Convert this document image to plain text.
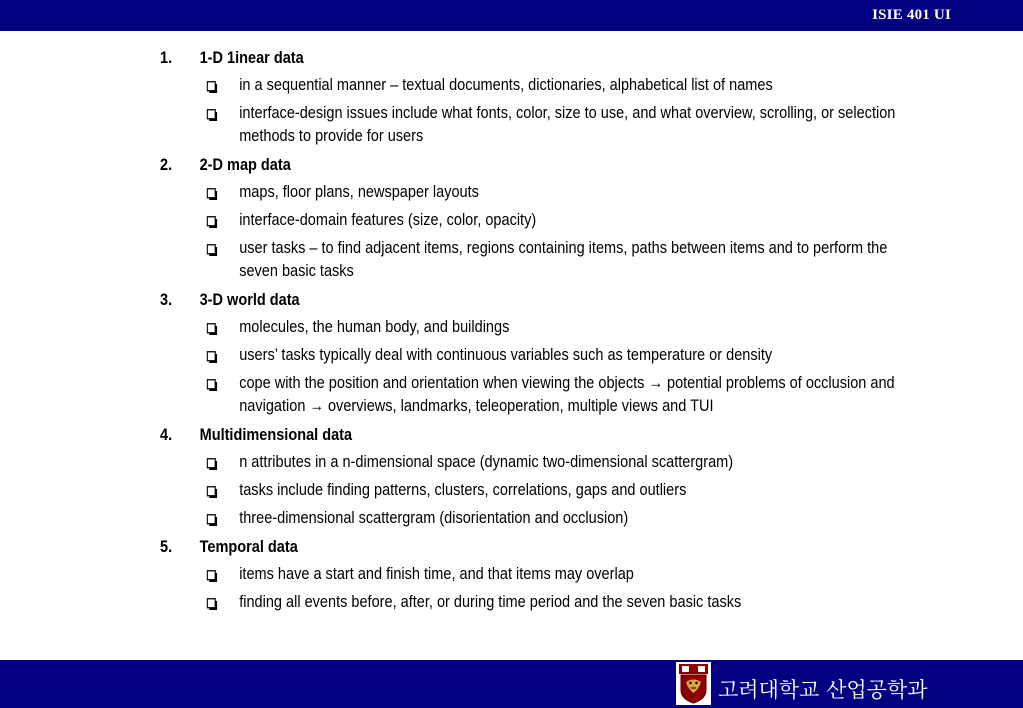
ISIE 401 UI
1. 1-D 1inear data
in a sequential manner – textual documents, dictionaries, alphabetical list of names
interface-design issues include what fonts, color, size to use, and what overview, scrolling, or selection methods to provide for users
2. 2-D map data
maps, floor plans, newspaper layouts
interface-domain features (size, color, opacity)
user tasks – to find adjacent items, regions containing items, paths between items and to perform the seven basic tasks
3. 3-D world data
molecules, the human body, and buildings
users’ tasks typically deal with continuous variables such as temperature or density
cope with the position and orientation when viewing the objects → potential problems of occlusion and navigation → overviews, landmarks, teleoperation, multiple views and TUI
4. Multidimensional data
n attributes in a n-dimensional space (dynamic two-dimensional scattergram)
tasks include finding patterns, clusters, correlations, gaps and outliers
three-dimensional scattergram (disorientation and occlusion)
5. Temporal data
items have a start and finish time, and that items may overlap
finding all events before, after, or during time period and the seven basic tasks
고려대학교 산업공학과
